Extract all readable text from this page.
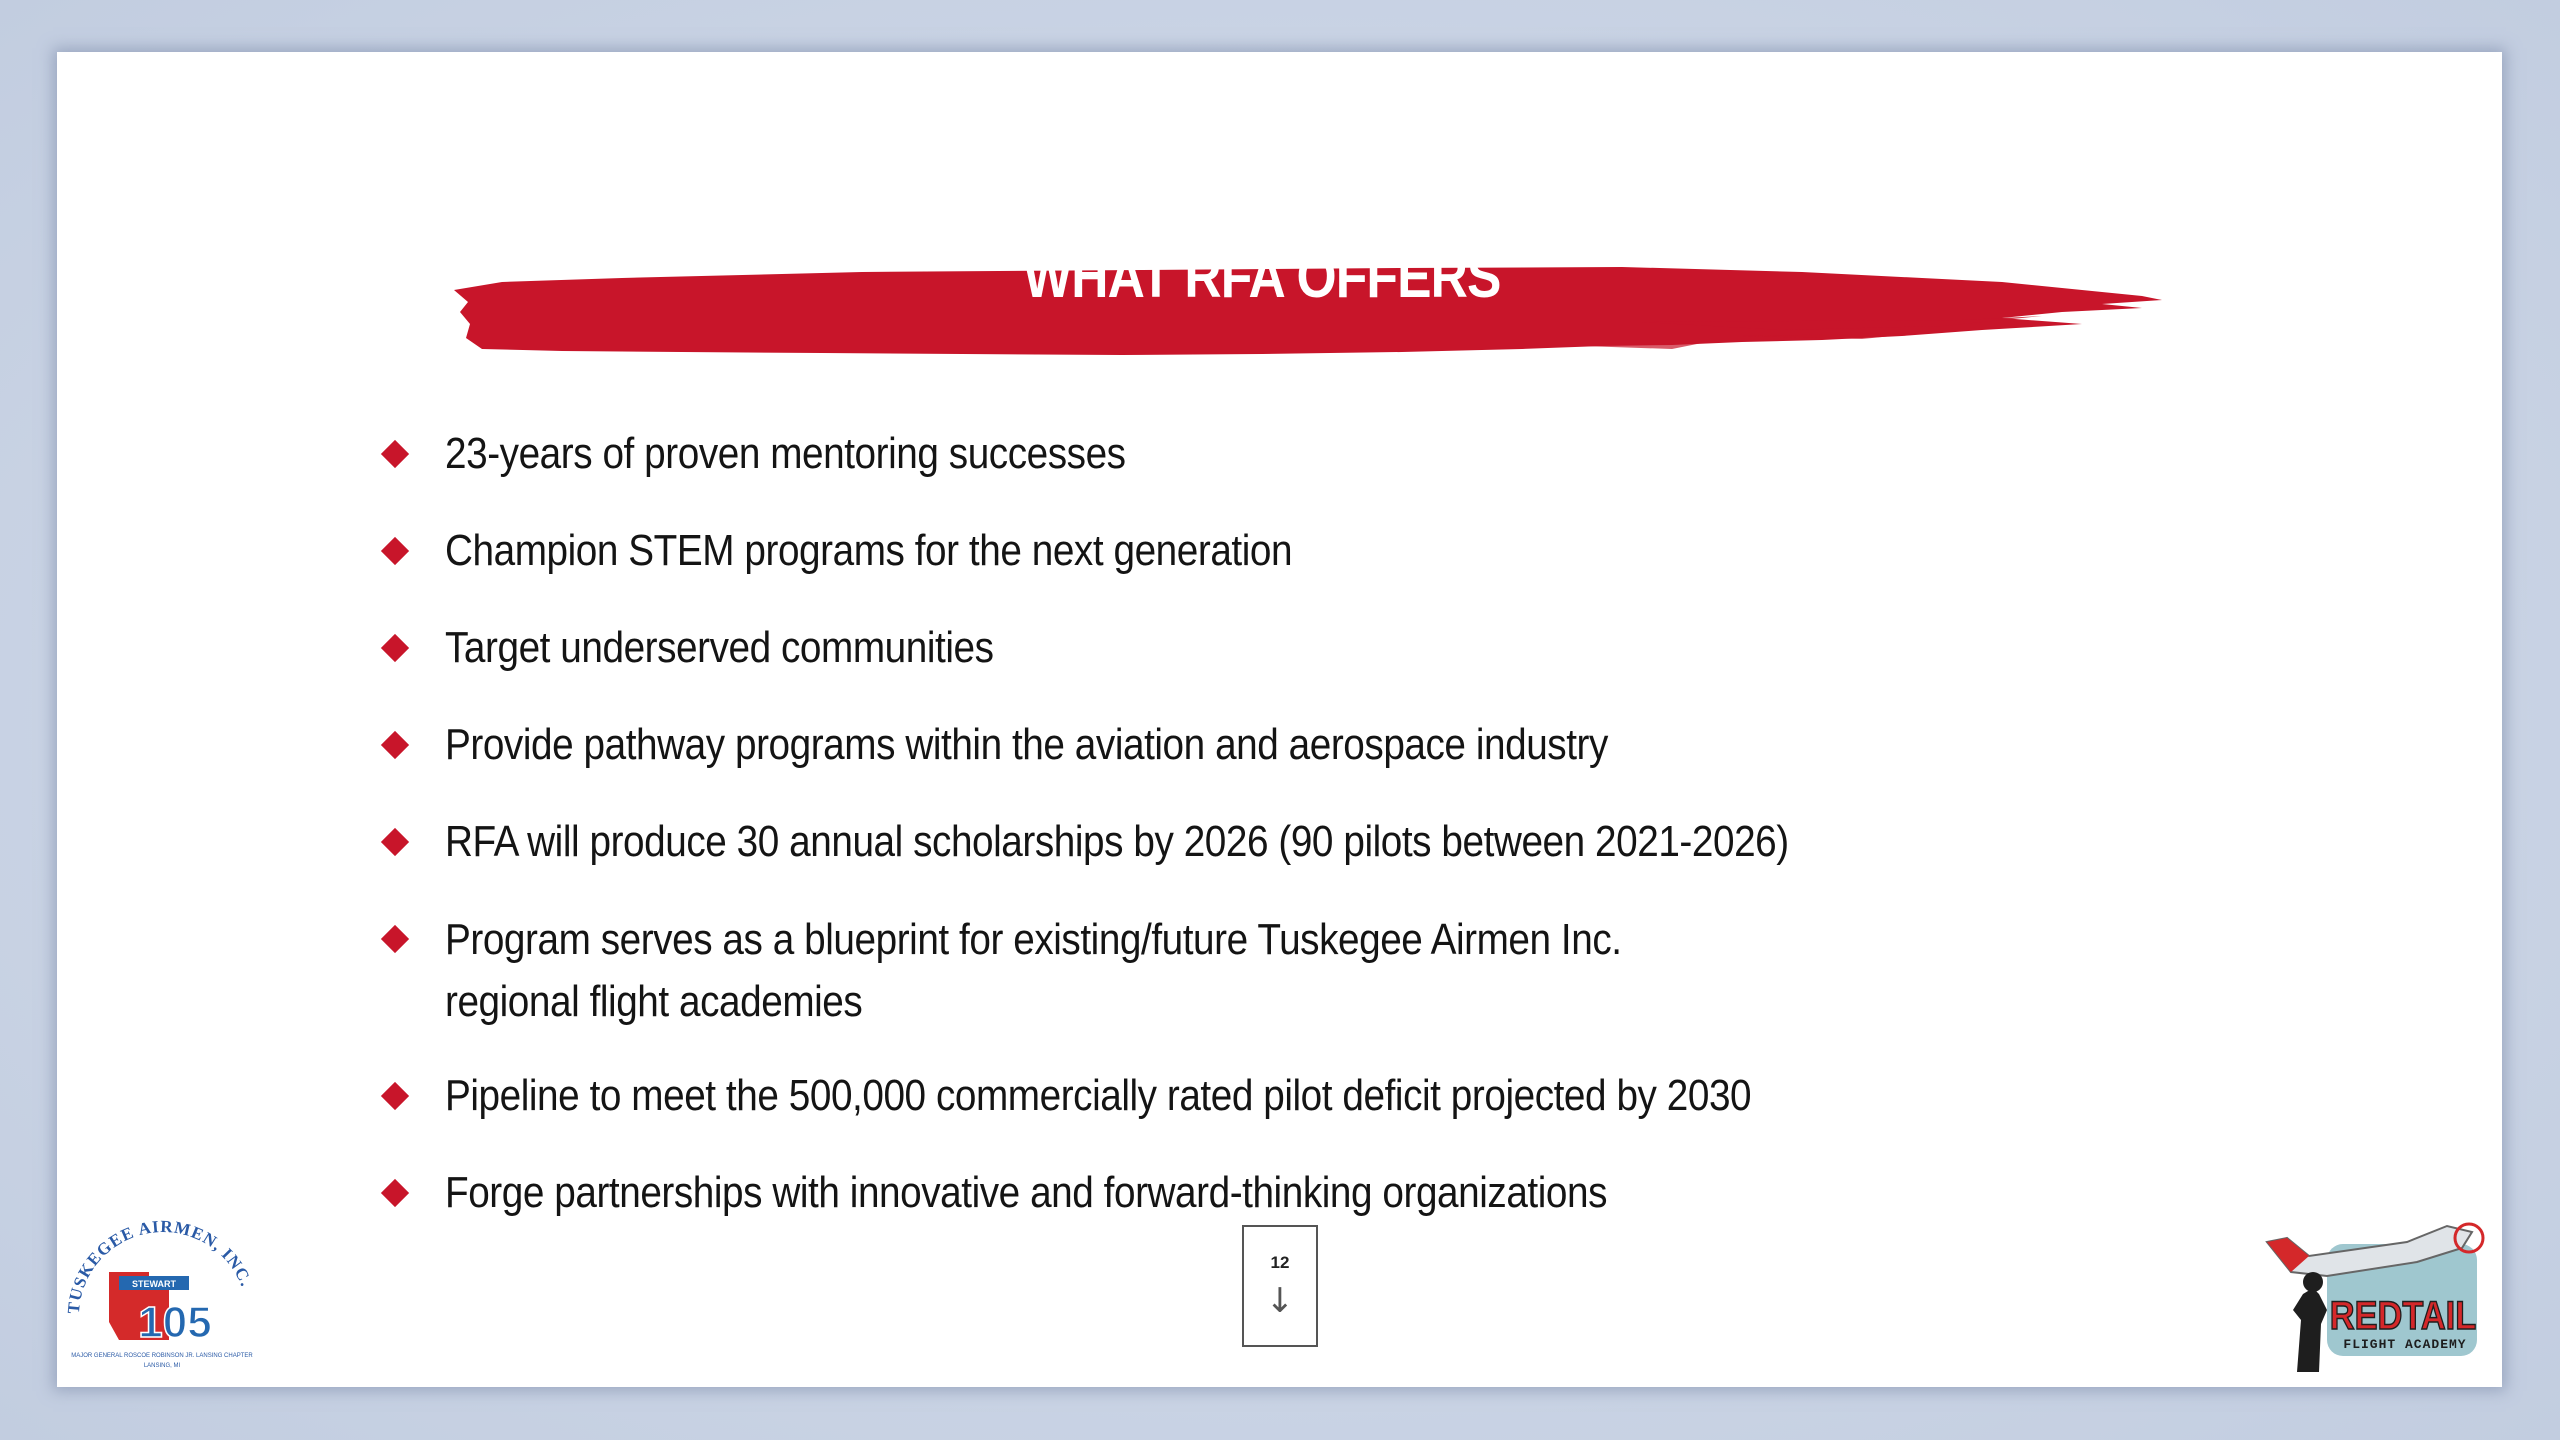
WHAT RFA OFFERS
23-years of proven mentoring successes
Champion STEM programs for the next generation
Target underserved communities
Provide pathway programs within the aviation and aerospace industry
RFA will produce 30 annual scholarships by 2026 (90 pilots between 2021-2026)
Program serves as a blueprint for existing/future Tuskegee Airmen Inc.
regional flight academies
Pipeline to meet the 500,000 commercially rated pilot deficit projected by 2030
Forge partnerships with innovative and forward-thinking organizations
12
↓
TUSKEGEE AIRMEN, INC.
STEWART
105
MAJOR GENERAL ROSCOE ROBINSON JR. LANSING CHAPTER
LANSING, MI
REDTAIL
FLIGHT ACADEMY
